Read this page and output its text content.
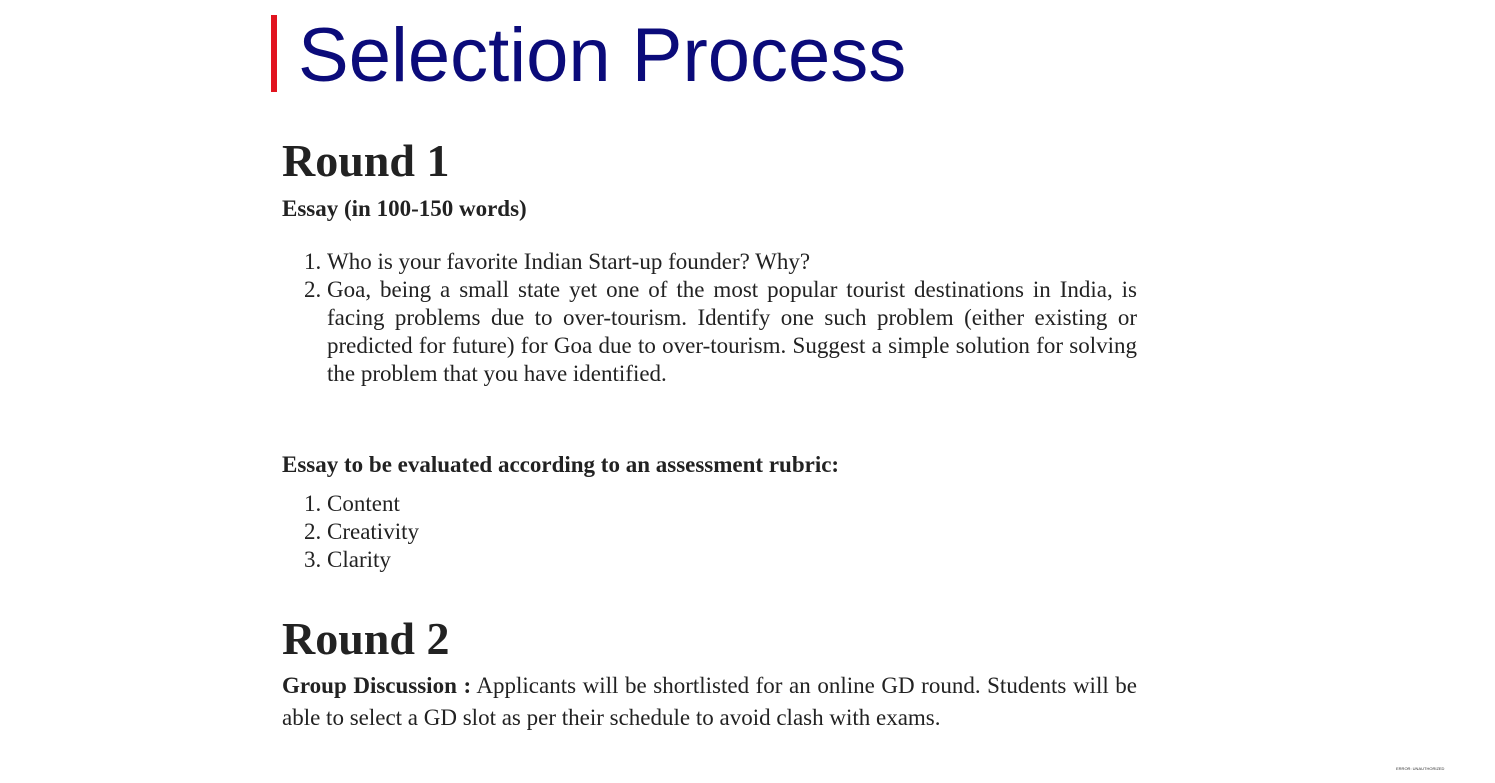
Selection Process
Round 1

Essay (in 100-150 words)

1. Who is your favorite Indian Start-up founder? Why?
2. Goa, being a small state yet one of the most popular tourist destinations in India, is facing problems due to over-tourism. Identify one such problem (either existing or predicted for future) for Goa due to over-tourism. Suggest a simple solution for solving the problem that you have identified.

Essay to be evaluated according to an assessment rubric:

1. Content
2. Creativity
3. Clarity
Round 2

Group Discussion : Applicants will be shortlisted for an online GD round. Students will be able to select a GD slot as per their schedule to avoid clash with exams.

ERROR: UNAUTHORIZED
